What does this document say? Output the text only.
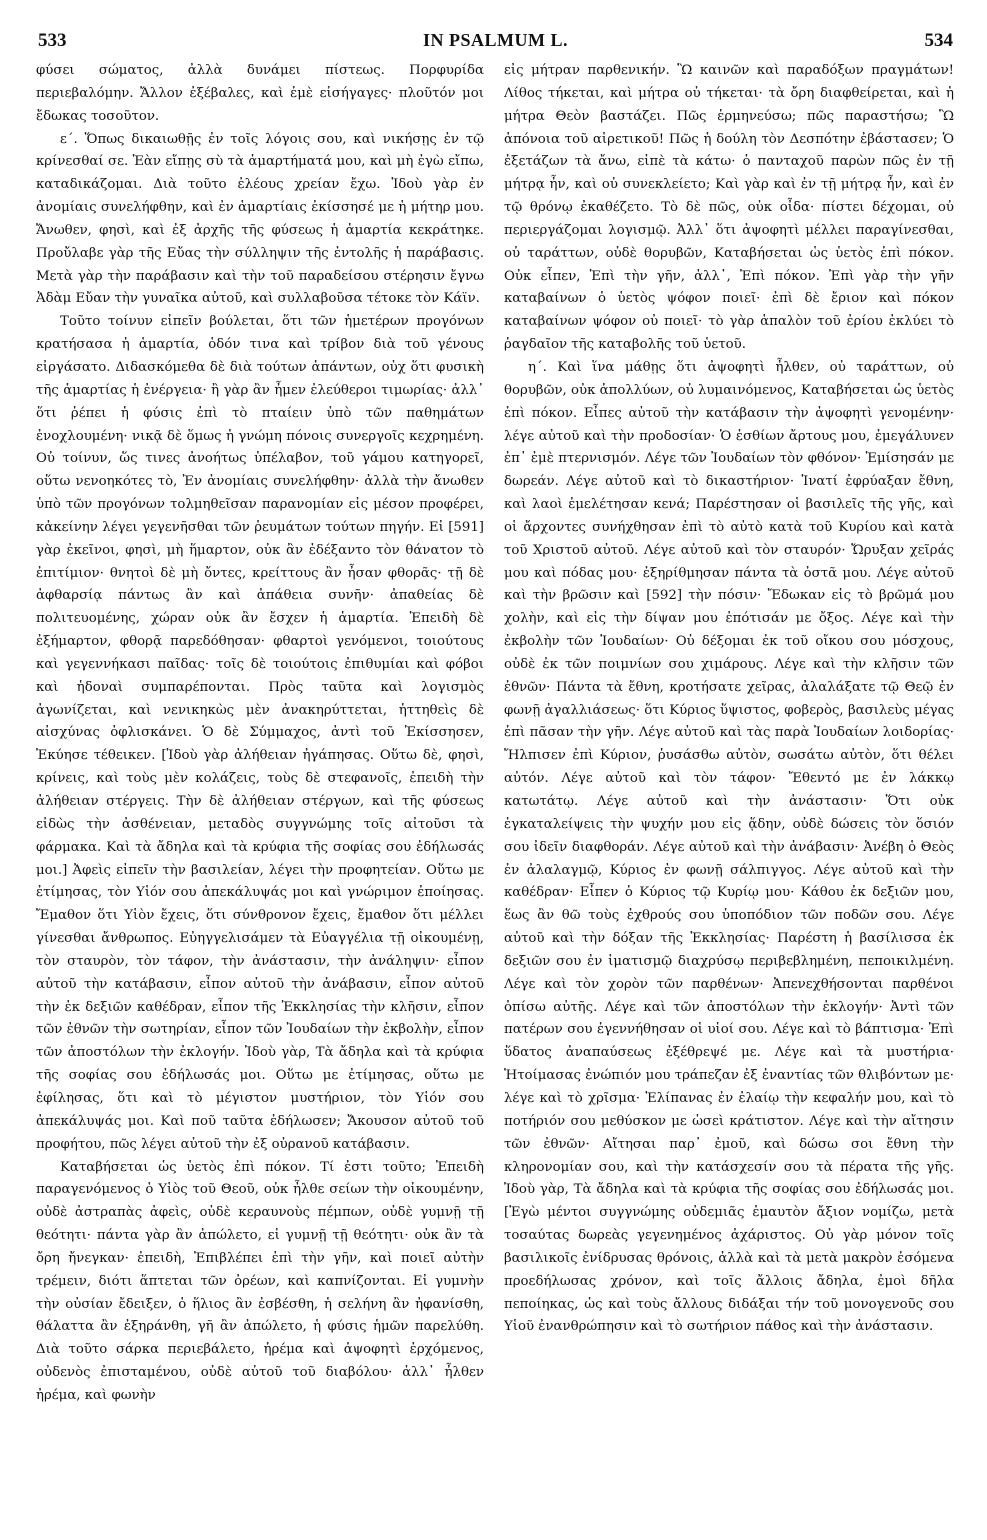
533	IN PSALMUM L.	534

φύσει σώματος, ἀλλὰ δυνάμει πίστεως. Πορφυρίδα περιεβαλόμην. Ἄλλον ἐξέβαλες, καὶ ἐμὲ εἰσήγαγες· πλοῦτόν μοι ἔδωκας τοσοῦτον.

ε΄. Ὅπως δικαιωθῇς ἐν τοῖς λόγοις σου, καὶ νικήσῃς ἐν τῷ κρίνεσθαί σε. Ἐὰν εἴπῃς σὺ τὰ ἁμαρτήματά μου, καὶ μὴ ἐγὼ εἴπω, καταδικάζομαι. Διὰ τοῦτο ἐλέους χρείαν ἔχω. Ἰδοὺ γὰρ ἐν ἀνομίαις συνελήφθην, καὶ ἐν ἁμαρτίαις ἐκίσσησέ με ἡ μήτηρ μου. Ἄνωθεν, φησὶ, καὶ ἐξ ἀρχῆς τῆς φύσεως ἡ ἁμαρτία κεκράτηκε. Προὔλαβε γὰρ τῆς Εὔας τὴν σύλληψιν τῆς ἐντολῆς ἡ παράβασις. Μετὰ γὰρ τὴν παράβασιν καὶ τὴν τοῦ παραδείσου στέρησιν ἔγνω Ἀδὰμ Εὔαν τὴν γυναῖκα αὐτοῦ, καὶ συλλαβοῦσα τέτοκε τὸν Κάϊν.

Τοῦτο τοίνυν εἰπεῖν βούλεται, ὅτι τῶν ἡμετέρων προγόνων κρατήσασα ἡ ἁμαρτία, ὁδόν τινα καὶ τρίβον διὰ τοῦ γένους εἰργάσατο. Διδασκόμεθα δὲ διὰ τούτων ἁπάντων, οὐχ ὅτι φυσικὴ τῆς ἁμαρτίας ἡ ἐνέργεια· ἢ γὰρ ἂν ἦμεν ἐλεύθεροι τιμωρίας· ἀλλ᾽ ὅτι ῥέπει ἡ φύσις ἐπὶ τὸ πταίειν ὑπὸ τῶν παθημάτων ἐνοχλουμένη· νικᾷ δὲ ὅμως ἡ γνώμη πόνοις συνεργοῖς κεχρημένη. Οὐ τοίνυν, ὥς τινες ἀνοήτως ὑπέλαβον, τοῦ γάμου κατηγορεῖ, οὕτω νενοηκότες τὸ, Ἐν ἀνομίαις συνελήφθην· ἀλλὰ τὴν ἄνωθεν ὑπὸ τῶν προγόνων τολμηθεῖσαν παρανομίαν εἰς μέσον προφέρει, κἀκείνην λέγει γεγενῆσθαι τῶν ῥευμάτων τούτων πηγήν. Εἰ [591] γὰρ ἐκεῖνοι, φησὶ, μὴ ἥμαρτον, οὐκ ἂν ἐδέξαντο τὸν θάνατον τὸ ἐπιτίμιον· θνητοὶ δὲ μὴ ὄντες, κρείττους ἂν ἦσαν φθορᾶς· τῇ δὲ ἀφθαρσίᾳ πάντως ἂν καὶ ἀπάθεια συνῆν· ἀπαθείας δὲ πολιτευομένης, χώραν οὐκ ἂν ἔσχεν ἡ ἁμαρτία. Ἐπειδὴ δὲ ἐξήμαρτον, φθορᾷ παρεδόθησαν· φθαρτοὶ γενόμενοι, τοιούτους καὶ γεγεννήκασι παῖδας· τοῖς δὲ τοιούτοις ἐπιθυμίαι καὶ φόβοι καὶ ἡδοναὶ συμπαρέπονται. Πρὸς ταῦτα καὶ λογισμὸς ἀγωνίζεται, καὶ νενικηκὼς μὲν ἀνακηρύττεται, ἡττηθεὶς δὲ αἰσχύνας ὀφλισκάνει. Ὁ δὲ Σύμμαχος, ἀντὶ τοῦ Ἐκίσσησεν, Ἐκύησε τέθεικεν. [Ἰδοὺ γὰρ ἀλήθειαν ἠγάπησας. Οὕτω δὲ, φησὶ, κρίνεις, καὶ τοὺς μὲν κολάζεις, τοὺς δὲ στεφανοῖς, ἐπειδὴ τὴν ἀλήθειαν στέργεις. Τὴν δὲ ἀλήθειαν στέργων, καὶ τῆς φύσεως εἰδὼς τὴν ἀσθένειαν, μεταδὸς συγγνώμης τοῖς αἰτοῦσι τὰ φάρμακα. Καὶ τὰ ἄδηλα καὶ τὰ κρύφια τῆς σοφίας σου ἐδήλωσάς μοι.] Ἀφεὶς εἰπεῖν τὴν βασιλείαν, λέγει τὴν προφητείαν. Οὕτω με ἐτίμησας, τὸν Υἱόν σου ἀπεκάλυψάς μοι καὶ γνώριμον ἐποίησας. Ἔμαθον ὅτι Υἱὸν ἔχεις, ὅτι σύνθρονον ἔχεις, ἔμαθον ὅτι μέλλει γίνεσθαι ἄνθρωπος. Εὐηγγελισάμεν τὰ Εὐαγγέλια τῇ οἰκουμένῃ, τὸν σταυρὸν, τὸν τάφον, τὴν ἀνάστασιν, τὴν ἀνάληψιν· εἶπον αὐτοῦ τὴν κατάβασιν, εἶπον αὐτοῦ τὴν ἀνάβασιν, εἶπον αὐτοῦ τὴν ἐκ δεξιῶν καθέδραν, εἶπον τῆς Ἐκκλησίας τὴν κλῆσιν, εἶπον τῶν ἐθνῶν τὴν σωτηρίαν, εἶπον τῶν Ἰουδαίων τὴν ἐκβολὴν, εἶπον τῶν ἀποστόλων τὴν ἐκλογήν. Ἰδοὺ γὰρ, Τὰ ἄδηλα καὶ τὰ κρύφια τῆς σοφίας σου ἐδήλωσάς μοι. Οὕτω με ἐτίμησας, οὕτω με ἐφίλησας, ὅτι καὶ τὸ μέγιστον μυστήριον, τὸν Υἱόν σου ἀπεκάλυψάς μοι. Καὶ ποῦ ταῦτα ἐδήλωσεν; Ἄκουσον αὐτοῦ τοῦ προφήτου, πῶς λέγει αὐτοῦ τὴν ἐξ οὐρανοῦ κατάβασιν.

Καταβήσεται ὡς ὑετὸς ἐπὶ πόκον. Τί ἐστι τοῦτο; Ἐπειδὴ παραγενόμενος ὁ Υἱὸς τοῦ Θεοῦ, οὐκ ἦλθε σείων τὴν οἰκουμένην, οὐδὲ ἀστραπὰς ἀφεὶς, οὐδὲ κεραυνοὺς πέμπων, οὐδὲ γυμνῇ τῇ θεότητι· πάντα γὰρ ἂν ἀπώλετο, εἰ γυμνῇ τῇ θεότητι· οὐκ ἂν τὰ ὄρη ἤνεγκαν· ἐπειδὴ, Ἐπιβλέπει ἐπὶ τὴν γῆν, καὶ ποιεῖ αὐτὴν τρέμειν, διότι ἅπτεται τῶν ὀρέων, καὶ καπνίζονται. Εἰ γυμνὴν τὴν οὐσίαν ἔδειξεν, ὁ ἥλιος ἂν ἐσβέσθη, ἡ σελήνη ἂν ἠφανίσθη, θάλαττα ἂν ἐξηράνθη, γῆ ἂν ἀπώλετο, ἡ φύσις ἡμῶν παρελύθη. Διὰ τοῦτο σάρκα περιεβάλετο, ἠρέμα καὶ ἀψοφητὶ ἐρχόμενος, οὐδενὸς ἐπισταμένου, οὐδὲ αὐτοῦ τοῦ διαβόλου· ἀλλ᾽ ἦλθεν ἠρέμα, καὶ φωνὴν

εἰς μήτραν παρθενικήν. Ὢ καινῶν καὶ παραδόξων πραγμάτων! Λίθος τήκεται, καὶ μήτρα οὐ τήκεται· τὰ ὄρη διαφθείρεται, καὶ ἡ μήτρα Θεὸν βαστάζει. Πῶς ἑρμηνεύσω; πῶς παραστήσω; Ὢ ἀπόνοια τοῦ αἱρετικοῦ! Πῶς ἡ δούλη τὸν Δεσπότην ἐβάστασεν; Ὁ ἐξετάζων τὰ ἄνω, εἰπὲ τὰ κάτω· ὁ πανταχοῦ παρὼν πῶς ἐν τῇ μήτρᾳ ἦν, καὶ οὐ συνεκλείετο; Καὶ γὰρ καὶ ἐν τῇ μήτρᾳ ἦν, καὶ ἐν τῷ θρόνῳ ἐκαθέζετο. Τὸ δὲ πῶς, οὐκ οἶδα· πίστει δέχομαι, οὐ περιεργάζομαι λογισμῷ. Ἀλλ᾽ ὅτι ἀψοφητὶ μέλλει παραγίνεσθαι, οὐ ταράττων, οὐδὲ θορυβῶν, Καταβήσεται ὡς ὑετὸς ἐπὶ πόκον. Οὐκ εἶπεν, Ἐπὶ τὴν γῆν, ἀλλ᾽, Ἐπὶ πόκον. Ἐπὶ γὰρ τὴν γῆν καταβαίνων ὁ ὑετὸς ψόφον ποιεῖ· ἐπὶ δὲ ἔριον καὶ πόκον καταβαίνων ψόφον οὐ ποιεῖ· τὸ γὰρ ἁπαλὸν τοῦ ἐρίου ἐκλύει τὸ ῥαγδαῖον τῆς καταβολῆς τοῦ ὑετοῦ.

η΄. Καὶ ἵνα μάθῃς ὅτι ἀψοφητὶ ἦλθεν, οὐ ταράττων, οὐ θορυβῶν, οὐκ ἀπολλύων, οὐ λυμαινόμενος, Καταβήσεται ὡς ὑετὸς ἐπὶ πόκον. Εἶπες αὐτοῦ τὴν κατάβασιν τὴν ἀψοφητὶ γενομένην· λέγε αὐτοῦ καὶ τὴν προδοσίαν· Ὁ ἐσθίων ἄρτους μου, ἐμεγάλυνεν ἐπ᾽ ἐμὲ πτερνισμόν. Λέγε τῶν Ἰουδαίων τὸν φθόνον· Ἐμίσησάν με δωρεάν. Λέγε αὐτοῦ καὶ τὸ δικαστήριον· Ἱνατί ἐφρύαξαν ἔθνη, καὶ λαοὶ ἐμελέτησαν κενά; Παρέστησαν οἱ βασιλεῖς τῆς γῆς, καὶ οἱ ἄρχοντες συνήχθησαν ἐπὶ τὸ αὐτὸ κατὰ τοῦ Κυρίου καὶ κατὰ τοῦ Χριστοῦ αὐτοῦ. Λέγε αὐτοῦ καὶ τὸν σταυρόν· Ὤρυξαν χεῖράς μου καὶ πόδας μου· ἐξηρίθμησαν πάντα τὰ ὀστᾶ μου. Λέγε αὐτοῦ καὶ τὴν βρῶσιν καὶ [592] τὴν πόσιν· Ἔδωκαν εἰς τὸ βρῶμά μου χολὴν, καὶ εἰς τὴν δίψαν μου ἐπότισάν με ὄξος. Λέγε καὶ τὴν ἐκβολὴν τῶν Ἰουδαίων· Οὐ δέξομαι ἐκ τοῦ οἴκου σου μόσχους, οὐδὲ ἐκ τῶν ποιμνίων σου χιμάρους. Λέγε καὶ τὴν κλῆσιν τῶν ἐθνῶν· Πάντα τὰ ἔθνη, κροτήσατε χεῖρας, ἀλαλάξατε τῷ Θεῷ ἐν φωνῇ ἀγαλλιάσεως· ὅτι Κύριος ὕψιστος, φοβερὸς, βασιλεὺς μέγας ἐπὶ πᾶσαν τὴν γῆν. Λέγε αὐτοῦ καὶ τὰς παρὰ Ἰουδαίων λοιδορίας· Ἤλπισεν ἐπὶ Κύριον, ῥυσάσθω αὐτὸν, σωσάτω αὐτὸν, ὅτι θέλει αὐτόν. Λέγε αὐτοῦ καὶ τὸν τάφον· Ἔθεντό με ἐν λάκκῳ κατωτάτῳ. Λέγε αὐτοῦ καὶ τὴν ἀνάστασιν· Ὅτι οὐκ ἐγκαταλείψεις τὴν ψυχήν μου εἰς ᾅδην, οὐδὲ δώσεις τὸν ὅσιόν σου ἰδεῖν διαφθοράν. Λέγε αὐτοῦ καὶ τὴν ἀνάβασιν· Ἀνέβη ὁ Θεὸς ἐν ἀλαλαγμῷ, Κύριος ἐν φωνῇ σάλπιγγος. Λέγε αὐτοῦ καὶ τὴν καθέδραν· Εἶπεν ὁ Κύριος τῷ Κυρίῳ μου· Κάθου ἐκ δεξιῶν μου, ἕως ἂν θῶ τοὺς ἐχθρούς σου ὑποπόδιον τῶν ποδῶν σου. Λέγε αὐτοῦ καὶ τὴν δόξαν τῆς Ἐκκλησίας· Παρέστη ἡ βασίλισσα ἐκ δεξιῶν σου ἐν ἱματισμῷ διαχρύσῳ περιβεβλημένη, πεποικιλμένη. Λέγε καὶ τὸν χορὸν τῶν παρθένων· Ἀπενεχθήσονται παρθένοι ὀπίσω αὐτῆς. Λέγε καὶ τῶν ἀποστόλων τὴν ἐκλογήν· Ἀντὶ τῶν πατέρων σου ἐγεννήθησαν οἱ υἱοί σου. Λέγε καὶ τὸ βάπτισμα· Ἐπὶ ὕδατος ἀναπαύσεως ἐξέθρεψέ με. Λέγε καὶ τὰ μυστήρια· Ἡτοίμασας ἐνώπιόν μου τράπεζαν ἐξ ἐναντίας τῶν θλιβόντων με· λέγε καὶ τὸ χρῖσμα· Ἐλίπανας ἐν ἐλαίῳ τὴν κεφαλήν μου, καὶ τὸ ποτήριόν σου μεθύσκον με ὡσεὶ κράτιστον. Λέγε καὶ τὴν αἴτησιν τῶν ἐθνῶν· Αἴτησαι παρ᾽ ἐμοῦ, καὶ δώσω σοι ἔθνη τὴν κληρονομίαν σου, καὶ τὴν κατάσχεσίν σου τὰ πέρατα τῆς γῆς. Ἰδοὺ γὰρ, Τὰ ἄδηλα καὶ τὰ κρύφια τῆς σοφίας σου ἐδήλωσάς μοι. [Ἐγὼ μέντοι συγγνώμης οὐδεμιᾶς ἐμαυτὸν ἄξιον νομίζω, μετὰ τοσαύτας δωρεὰς γεγενημένος ἀχάριστος. Οὐ γὰρ μόνον τοῖς βασιλικοῖς ἐνίδρυσας θρόνοις, ἀλλὰ καὶ τὰ μετὰ μακρὸν ἐσόμενα προεδήλωσας χρόνον, καὶ τοῖς ἄλλοις ἄδηλα, ἐμοὶ δῆλα πεποίηκας, ὡς καὶ τοὺς ἄλλους διδάξαι τήν τοῦ μονογενοῦς σου Υἱοῦ ἐνανθρώπησιν καὶ τὸ σωτήριον πάθος καὶ τὴν ἀνάστασιν.
